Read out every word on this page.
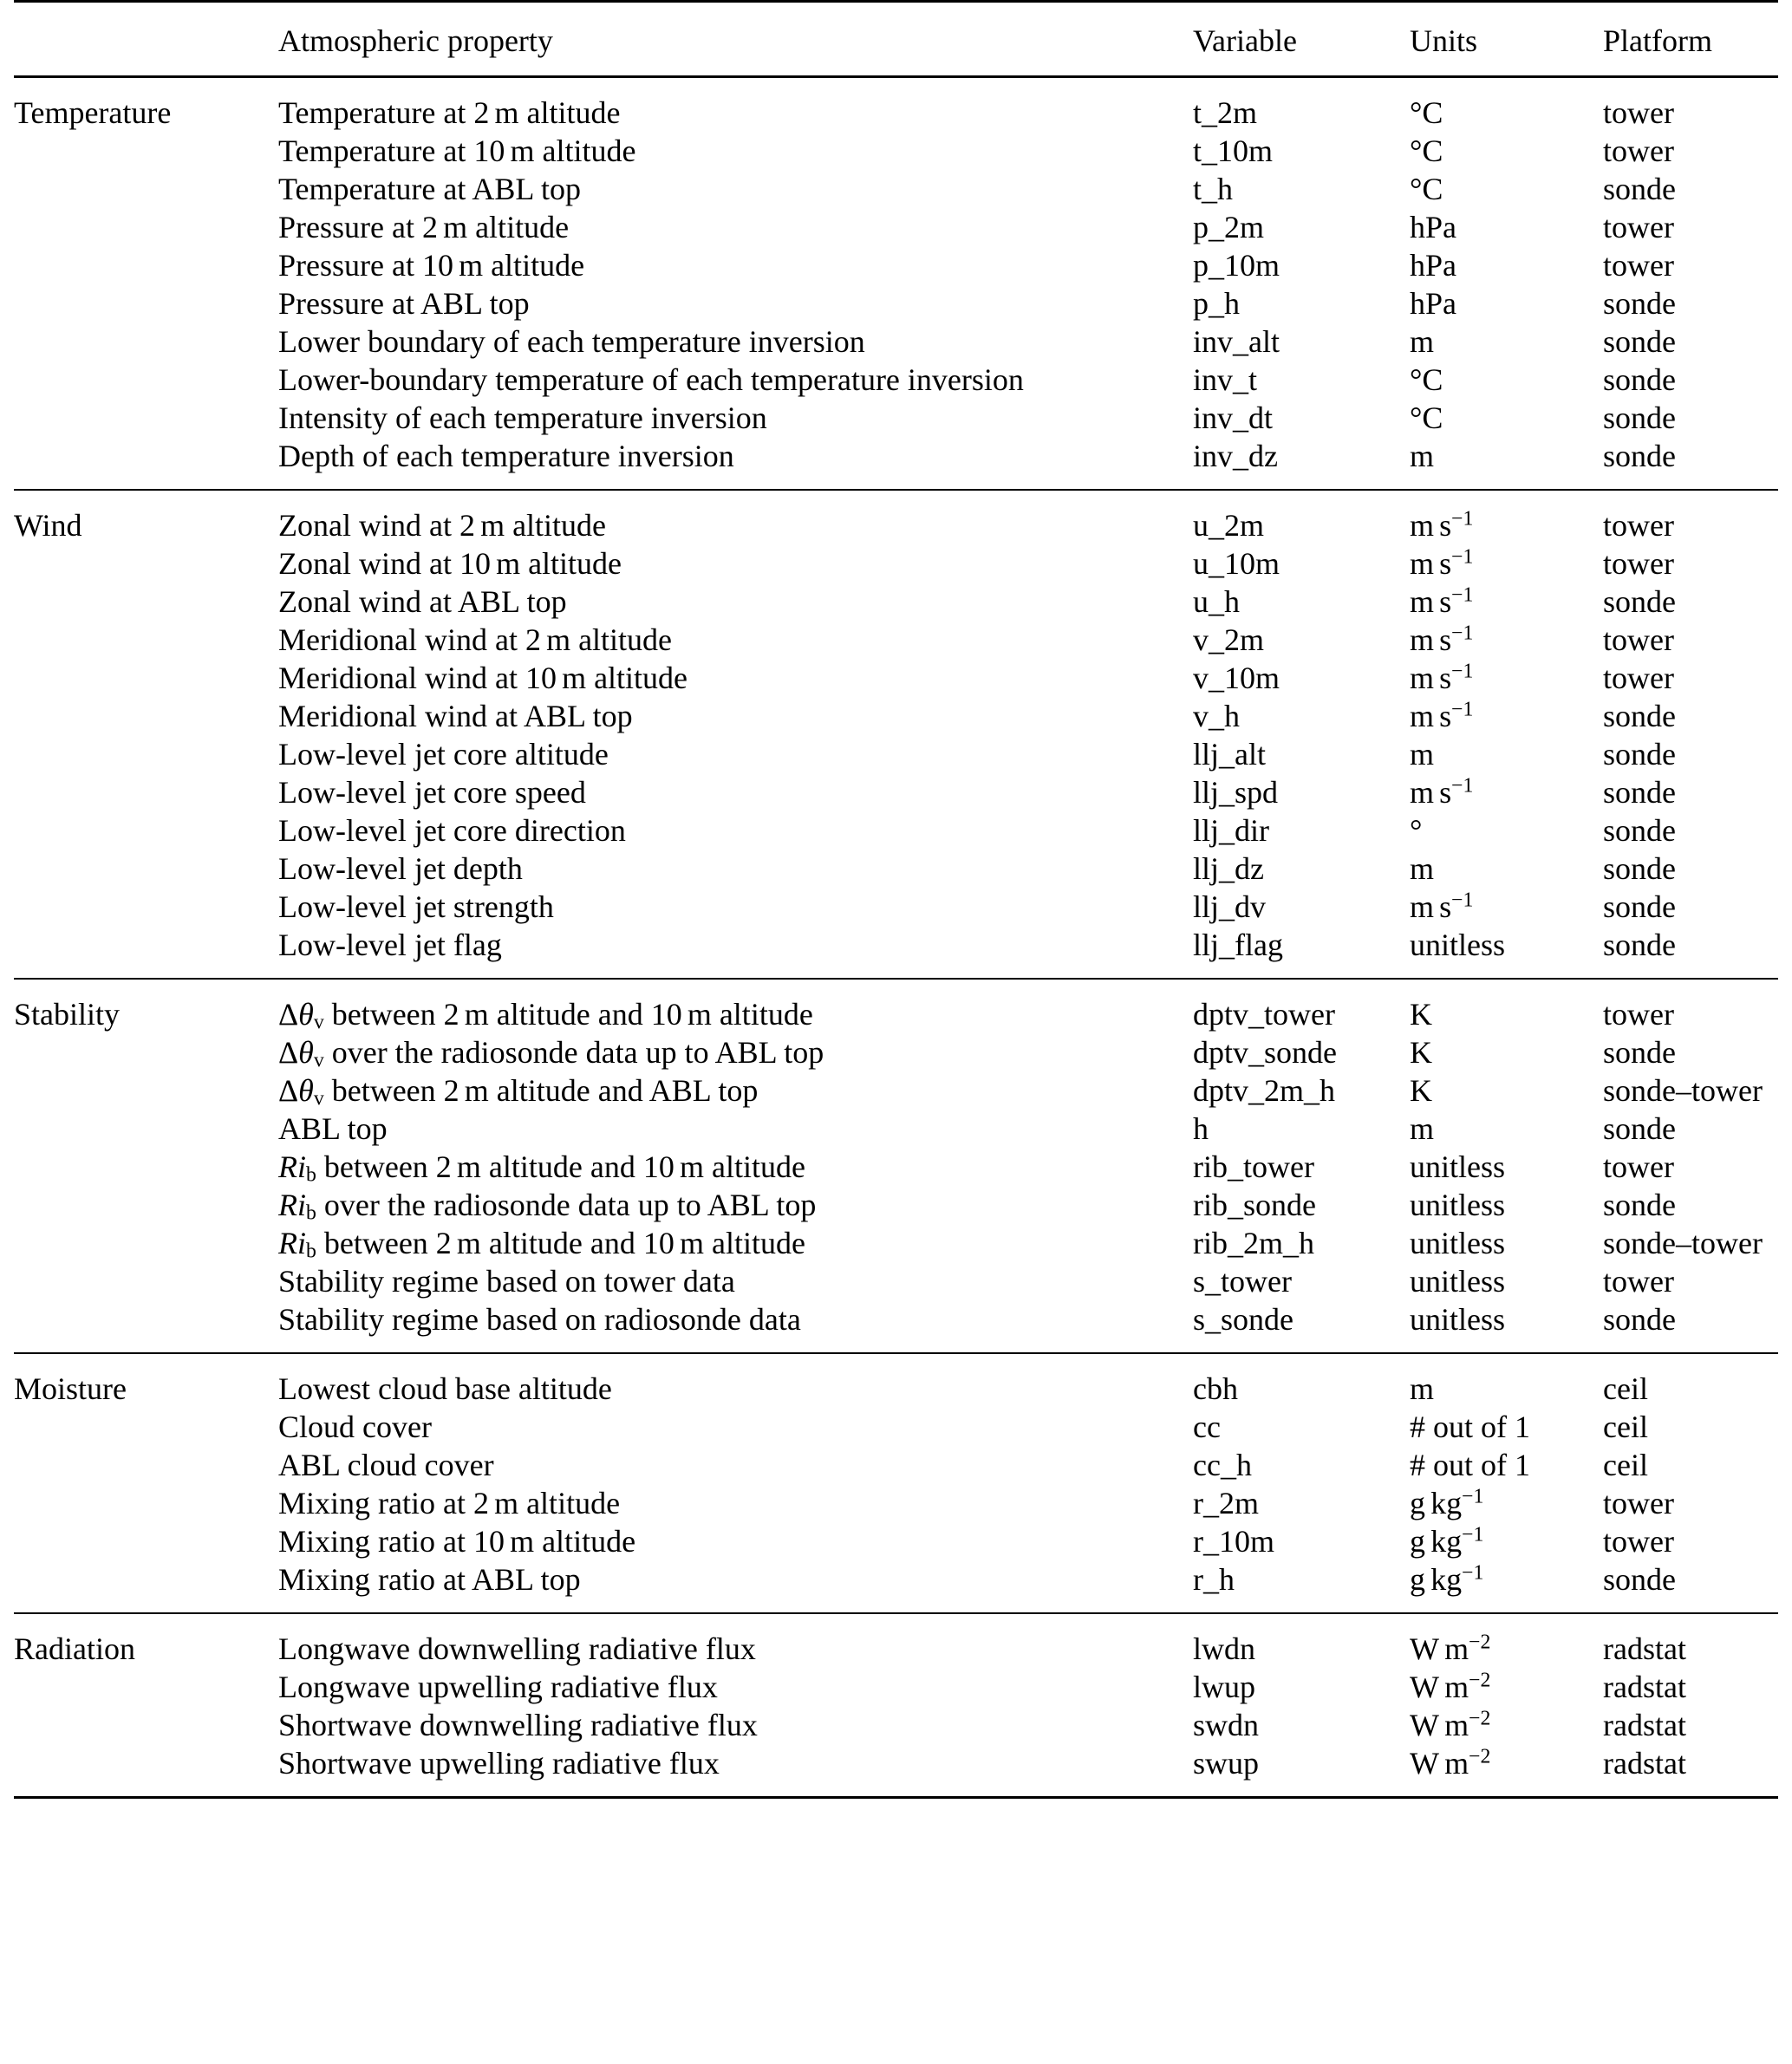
	Atmospheric property	Variable	Units	Platform

Temperature	Temperature at 2 m altitude	t_2m	°C	tower

	Temperature at 10 m altitude	t_10m	°C	tower

	Temperature at ABL top	t_h	°C	sonde

	Pressure at 2 m altitude	p_2m	hPa	tower

	Pressure at 10 m altitude	p_10m	hPa	tower

	Pressure at ABL top	p_h	hPa	sonde

	Lower boundary of each temperature inversion	inv_alt	m	sonde

	Lower-boundary temperature of each temperature inversion	inv_t	°C	sonde

	Intensity of each temperature inversion	inv_dt	°C	sonde

	Depth of each temperature inversion	inv_dz	m	sonde

Wind	Zonal wind at 2 m altitude	u_2m	m $s^{-1}$	tower

	Zonal wind at 10 m altitude	u_10m	m $s^{-1}$	tower

	Zonal wind at ABL top	u_h	m $s^{-1}$	sonde

	Meridional wind at 2 m altitude	v_2m	m $s^{-1}$	tower

	Meridional wind at 10 m altitude	v_10m	m $s^{-1}$	tower

	Meridional wind at ABL top	v_h	m $s^{-1}$	sonde

	Low-level jet core altitude	llj_alt	m	sonde

	Low-level jet core speed	llj_spd	m $s^{-1}$	sonde

	Low-level jet core direction	llj_dir	°	sonde

	Low-level jet depth	llj_dz	m	sonde

	Low-level jet strength	llj_dv	m $s^{-1}$	sonde

	Low-level jet flag	llj_flag	unitless	sonde

Stability	$\Delta\theta_v$ between 2 m altitude and 10 m altitude	dptv_tower	K	tower

	$\Delta\theta_v$ over the radiosonde data up to ABL top	dptv_sonde	K	sonde

	$\Delta\theta_v$ between 2 m altitude and ABL top	dptv_2m_h	K	sonde–tower

	ABL top	h	m	sonde

	$Ri_b$ between 2 m altitude and 10 m altitude	rib_tower	unitless	tower

	$Ri_b$ over the radiosonde data up to ABL top	rib_sonde	unitless	sonde

	$Ri_b$ between 2 m altitude and 10 m altitude	rib_2m_h	unitless	sonde–tower

	Stability regime based on tower data	s_tower	unitless	tower

	Stability regime based on radiosonde data	s_sonde	unitless	sonde

Moisture	Lowest cloud base altitude	cbh	m	ceil

	Cloud cover	cc	# out of 1	ceil

	ABL cloud cover	cc_h	# out of 1	ceil

	Mixing ratio at 2 m altitude	r_2m	g $kg^{-1}$	tower

	Mixing ratio at 10 m altitude	r_10m	g $kg^{-1}$	tower

	Mixing ratio at ABL top	r_h	g $kg^{-1}$	sonde

Radiation	Longwave downwelling radiative flux	lwdn	W $m^{-2}$	radstat

	Longwave upwelling radiative flux	lwup	W $m^{-2}$	radstat

	Shortwave downwelling radiative flux	swdn	W $m^{-2}$	radstat

	Shortwave upwelling radiative flux	swup	W $m^{-2}$	radstat
